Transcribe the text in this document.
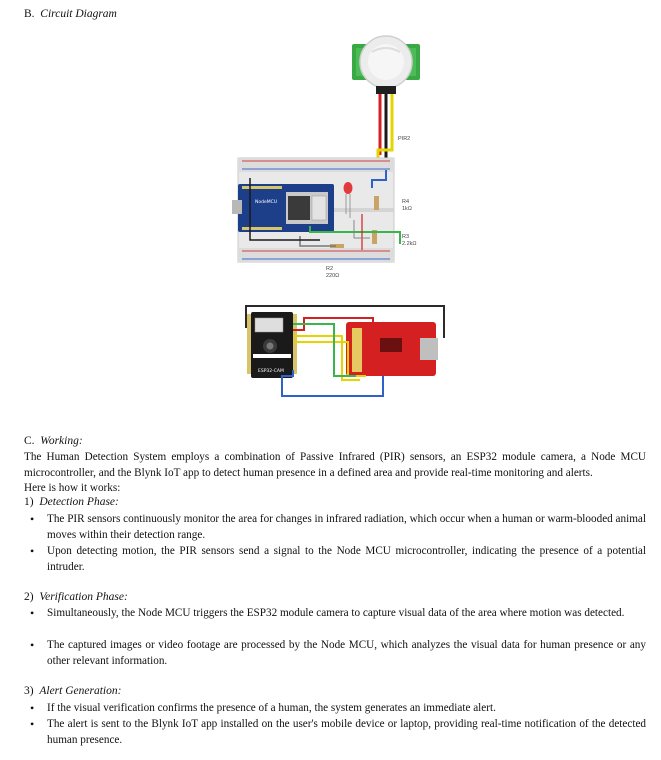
B. Circuit Diagram
NodeMCU
ESP32-CAM
PIR2
R4
1kΩ
R3
2.2kΩ
R2
220Ω
C. Working:
The Human Detection System employs a combination of Passive Infrared (PIR) sensors, an ESP32 module camera, a Node MCU microcontroller, and the Blynk IoT app to detect human presence in a defined area and provide real-time monitoring and alerts.
Here is how it works:
1) Detection Phase:
• The PIR sensors continuously monitor the area for changes in infrared radiation, which occur when a human or warm-blooded animal moves within their detection range.
• Upon detecting motion, the PIR sensors send a signal to the Node MCU microcontroller, indicating the presence of a potential intruder.
2) Verification Phase:
• Simultaneously, the Node MCU triggers the ESP32 module camera to capture visual data of the area where motion was detected.
• The captured images or video footage are processed by the Node MCU, which analyzes the visual data for human presence or any other relevant information.
3) Alert Generation:
• If the visual verification confirms the presence of a human, the system generates an immediate alert.
• The alert is sent to the Blynk IoT app installed on the user's mobile device or laptop, providing real-time notification of the detected human presence.
